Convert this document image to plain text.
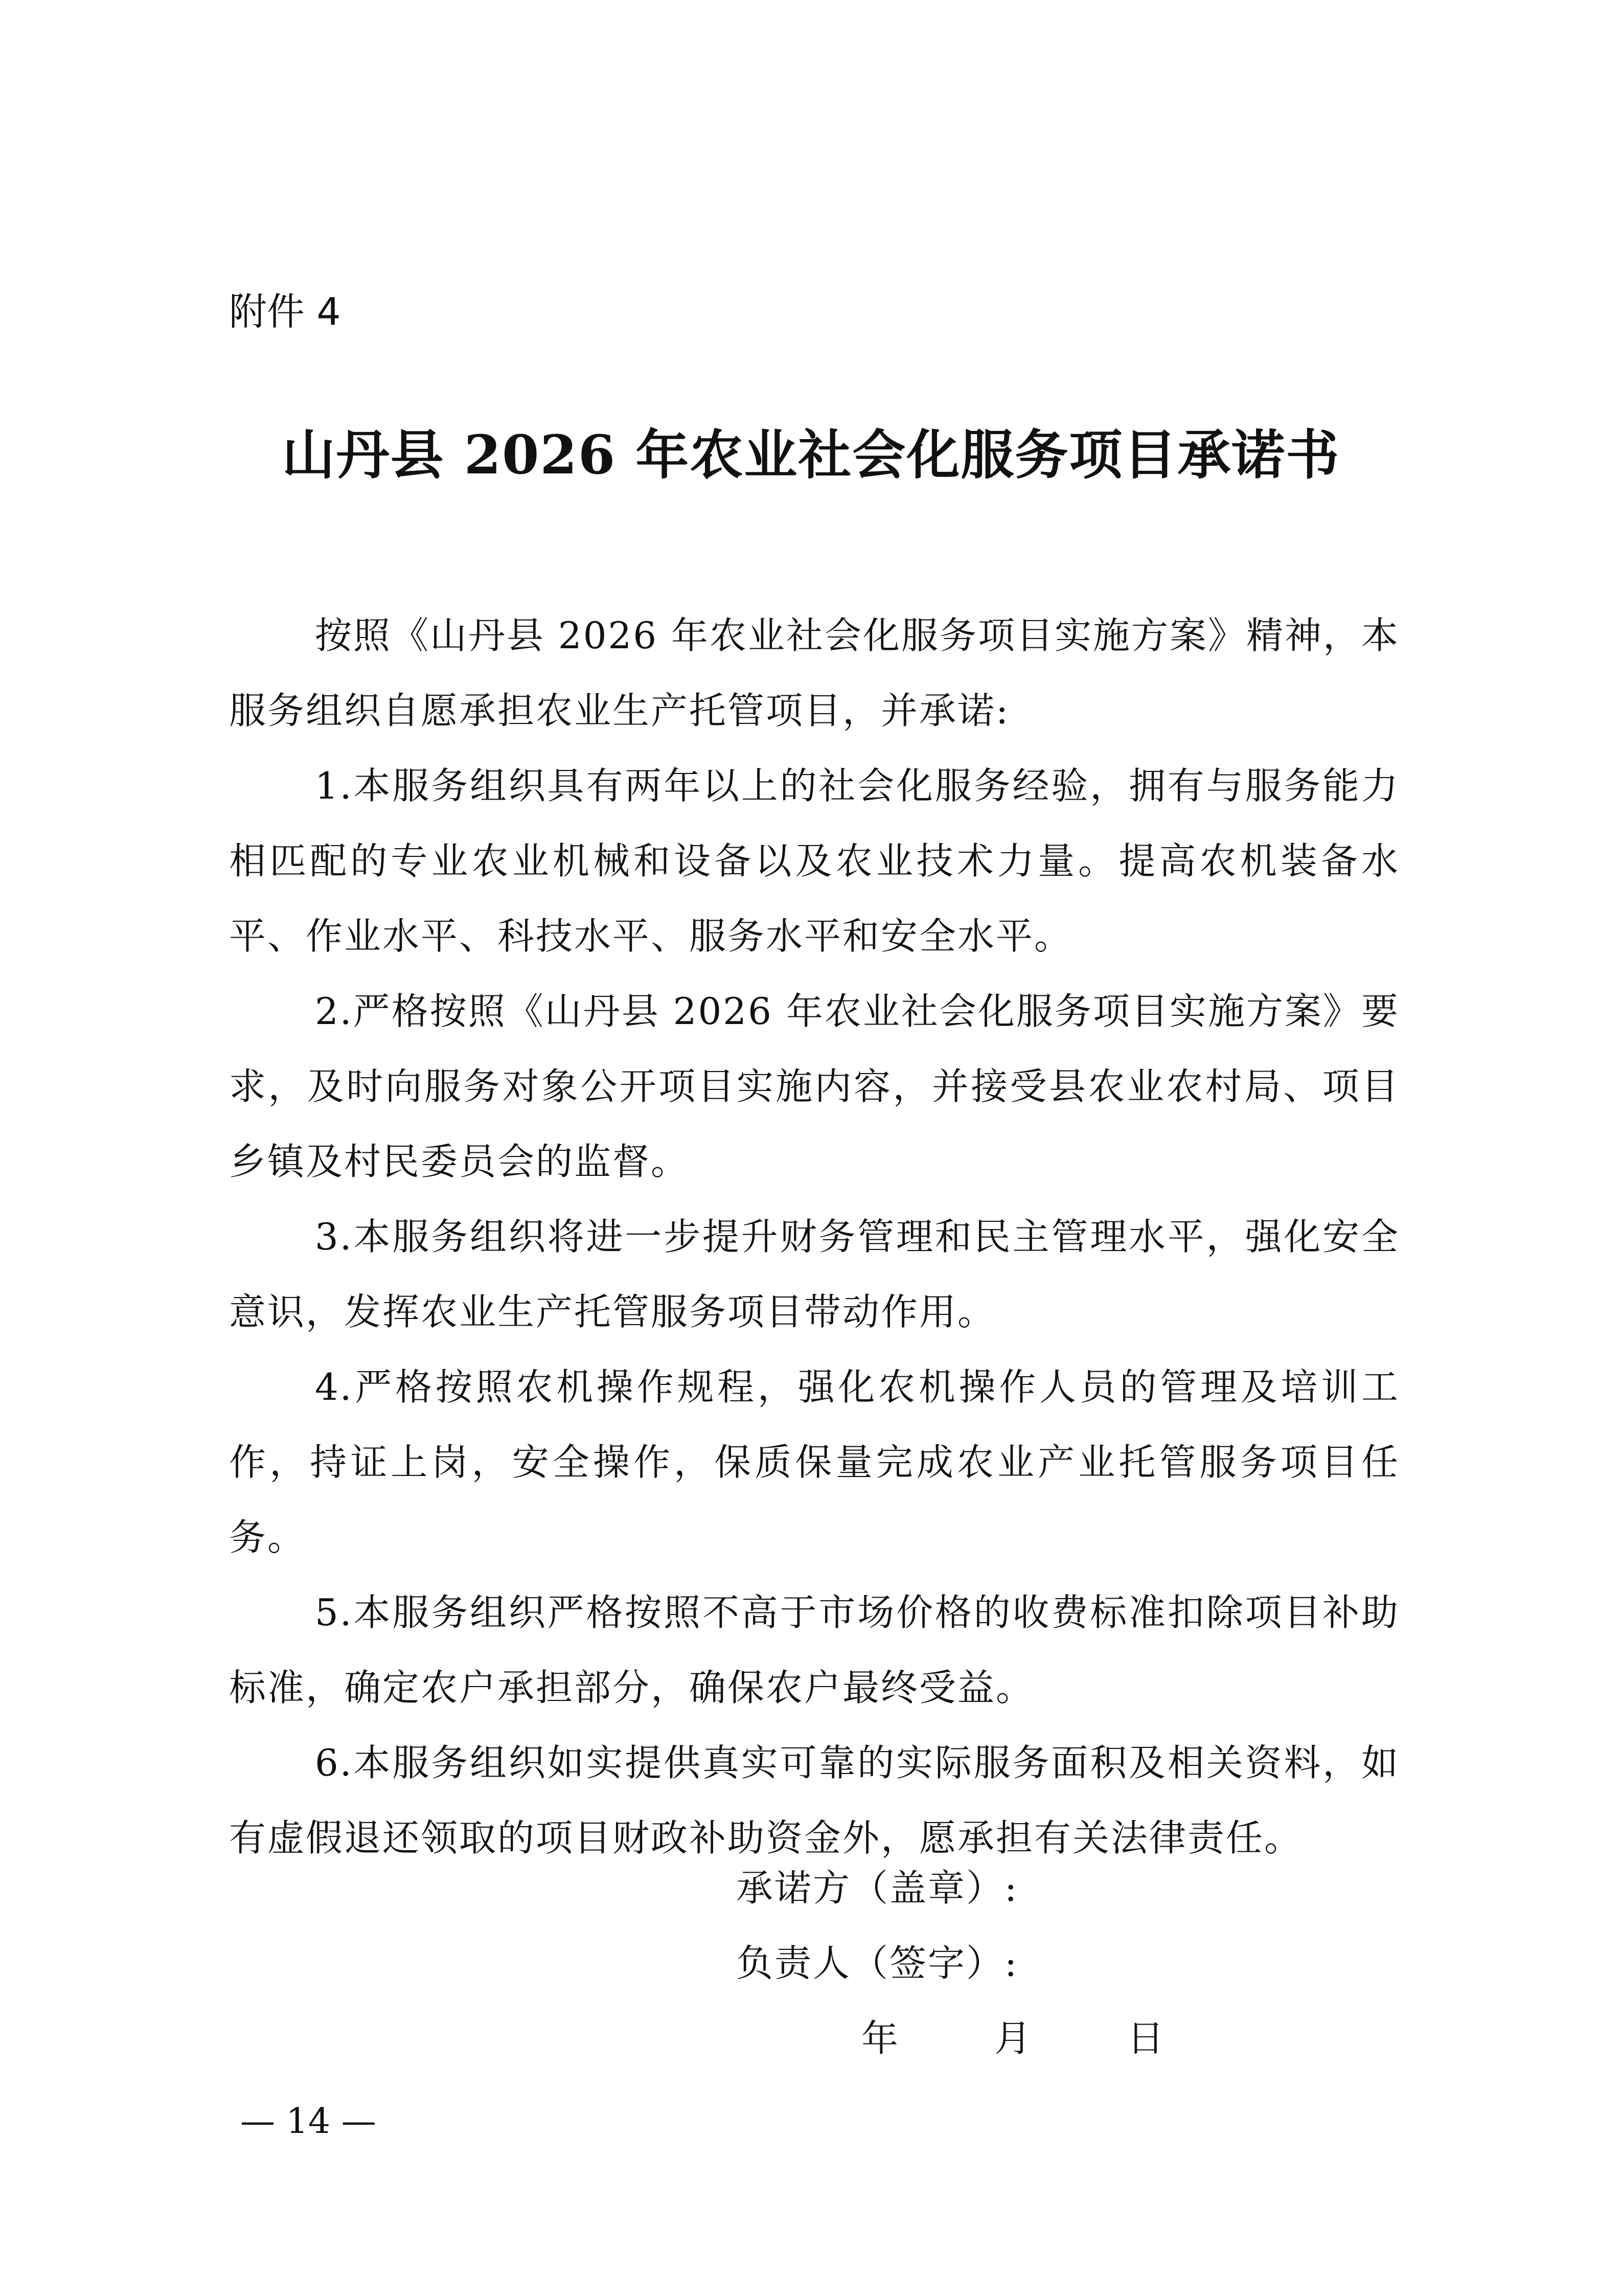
附件 4
山丹县 2026 年农业社会化服务项目承诺书

按照《山丹县 2026 年农业社会化服务项目实施方案》精神，本服务组织自愿承担农业生产托管项目，并承诺:

1.本服务组织具有两年以上的社会化服务经验，拥有与服务能力相匹配的专业农业机械和设备以及农业技术力量。提高农机装备水平、作业水平、科技水平、服务水平和安全水平。

2.严格按照《山丹县 2026 年农业社会化服务项目实施方案》要求，及时向服务对象公开项目实施内容，并接受县农业农村局、项目乡镇及村民委员会的监督。

3.本服务组织将进一步提升财务管理和民主管理水平，强化安全意识，发挥农业生产托管服务项目带动作用。

4.严格按照农机操作规程，强化农机操作人员的管理及培训工作，持证上岗，安全操作，保质保量完成农业产业托管服务项目任务。

5.本服务组织严格按照不高于市场价格的收费标准扣除项目补助标准，确定农户承担部分，确保农户最终受益。

6.本服务组织如实提供真实可靠的实际服务面积及相关资料，如有虚假退还领取的项目财政补助资金外，愿承担有关法律责任。

承诺方（盖章）:
负责人（签字）:
年	月	日
— 14 —
